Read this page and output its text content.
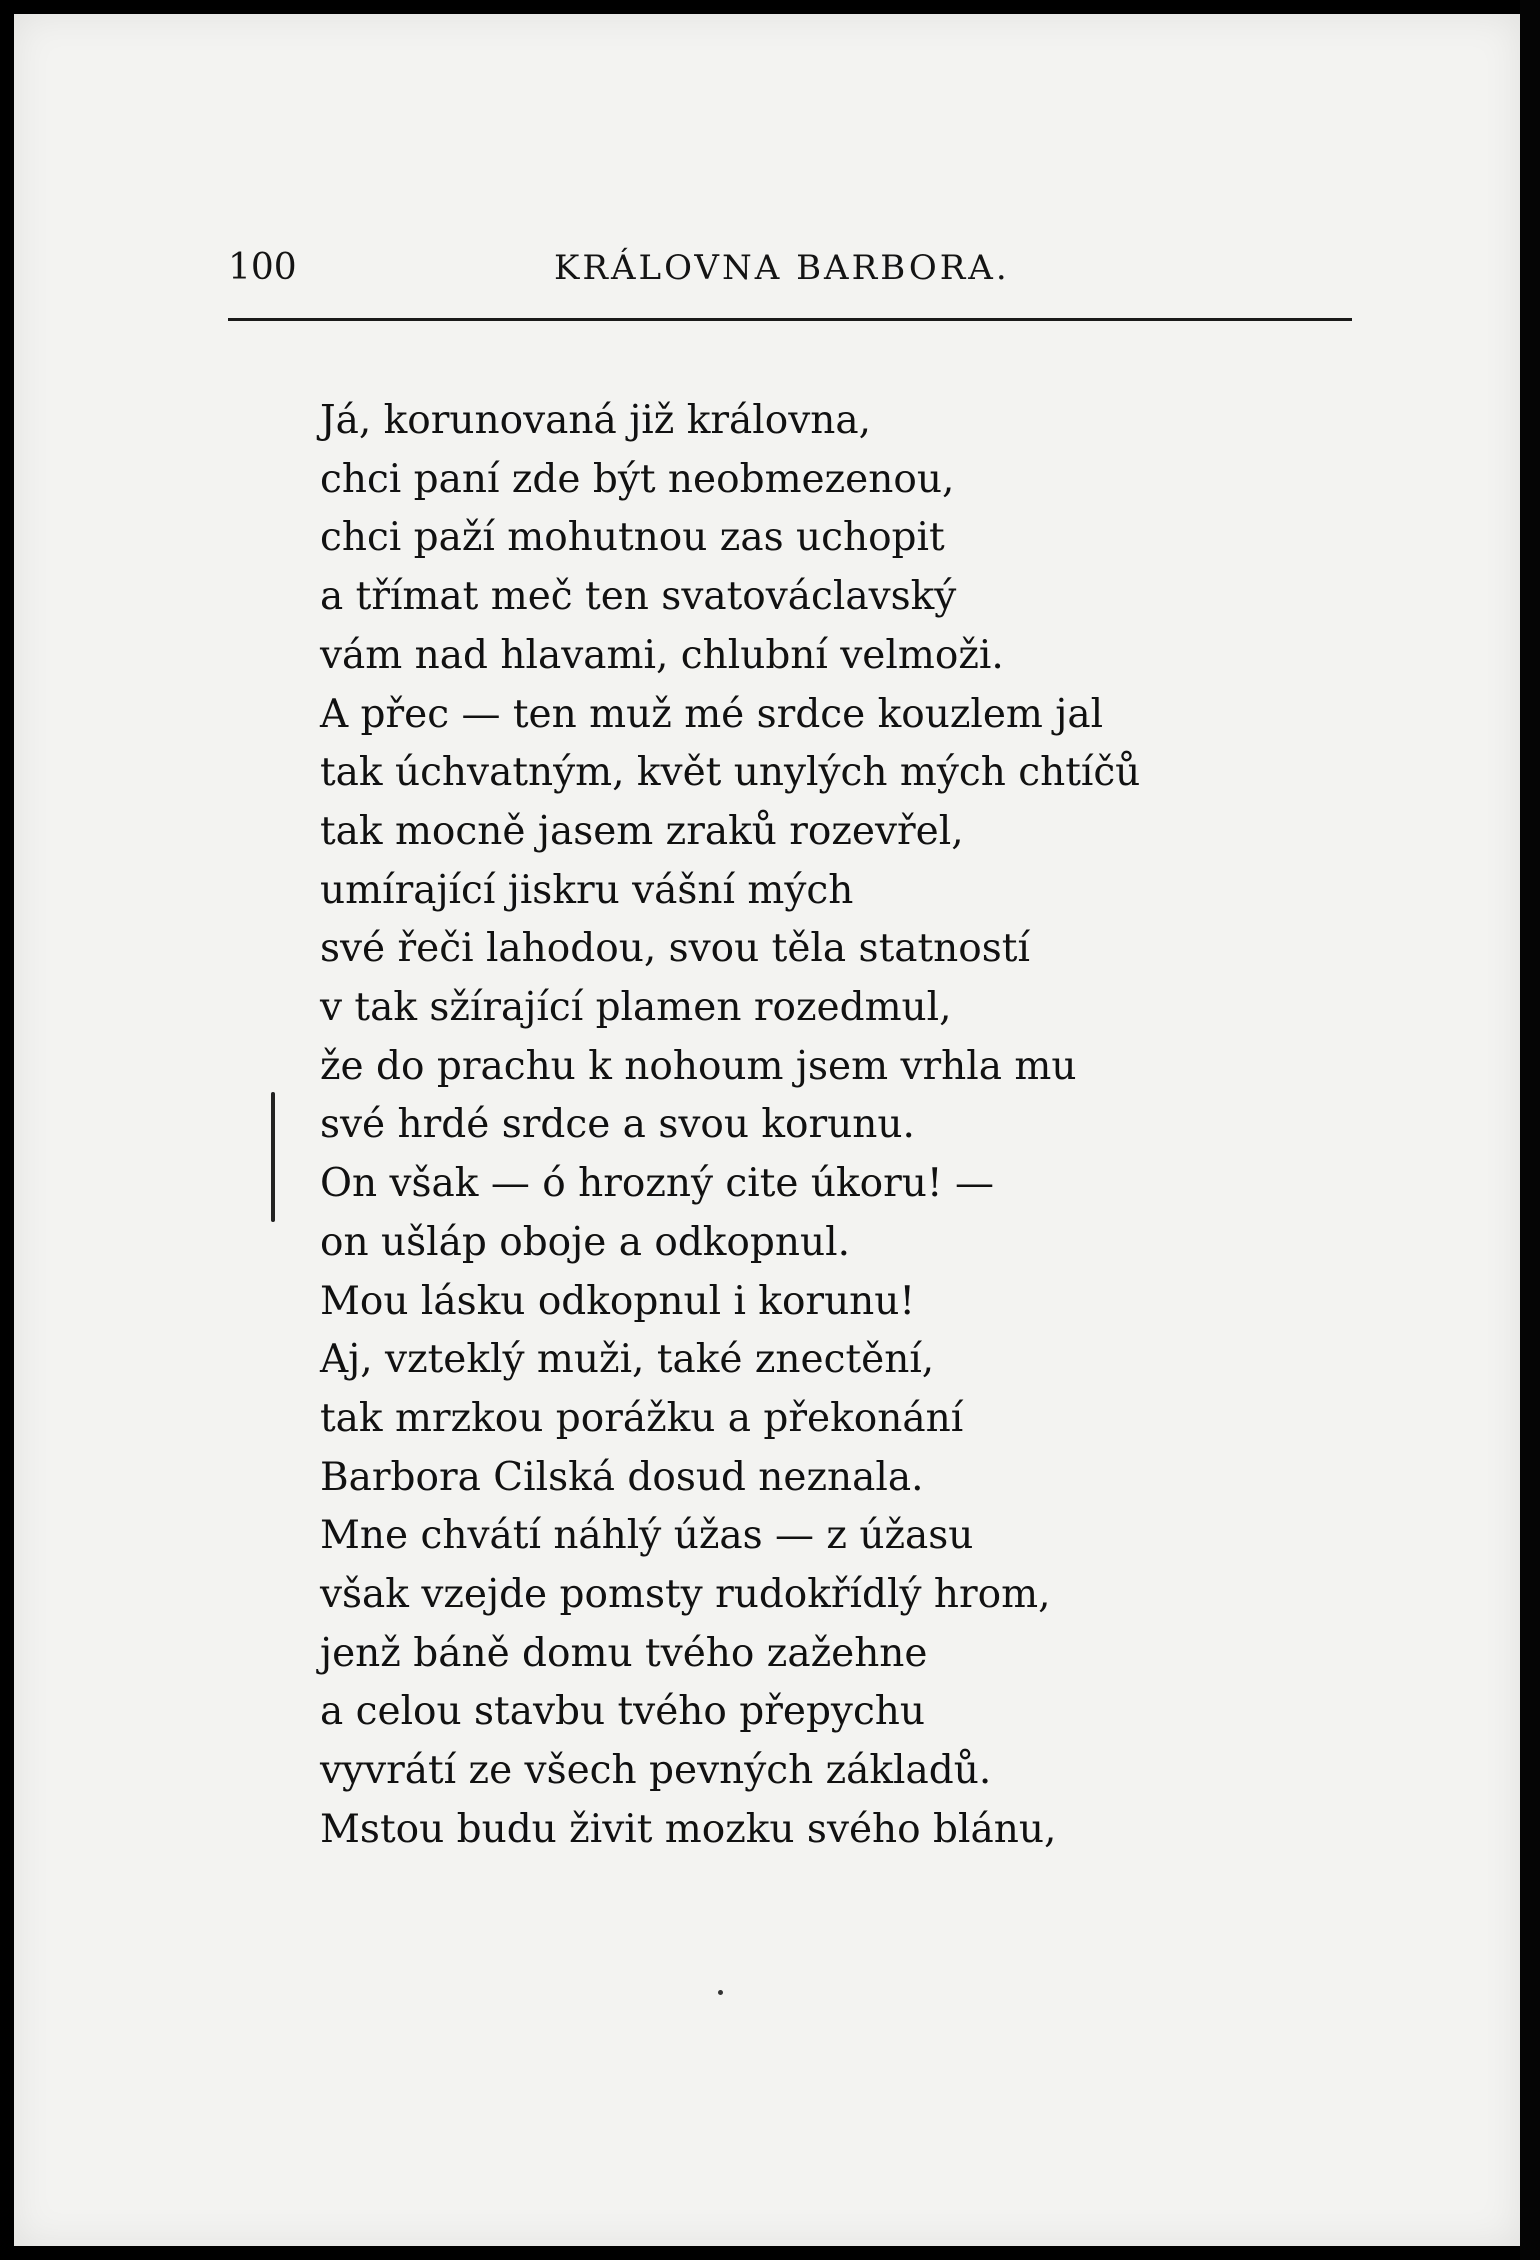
100	KRÁLOVNA BARBORA.
Já, korunovaná již královna,
chci paní zde být neobmezenou,
chci paží mohutnou zas uchopit
a třímat meč ten svatováclavský
vám nad hlavami, chlubní velmoži.
A přec — ten muž mé srdce kouzlem jal
tak úchvatným, květ unylých mých chtíčů
tak mocně jasem zraků rozevřel,
umírající jiskru vášní mých
své řeči lahodou, svou těla statností
v tak sžírající plamen rozedmul,
že do prachu k nohoum jsem vrhla mu
své hrdé srdce a svou korunu.
On však — ó hrozný cite úkoru! —
on ušláp oboje a odkopnul.
Mou lásku odkopnul i korunu!
Aj, vzteklý muži, také znectění,
tak mrzkou porážku a překonání
Barbora Cilská dosud neznala.
Mne chvátí náhlý úžas — z úžasu
však vzejde pomsty rudokřídlý hrom,
jenž báně domu tvého zažehne
a celou stavbu tvého přepychu
vyvrátí ze všech pevných základů.
Mstou budu živit mozku svého blánu,
